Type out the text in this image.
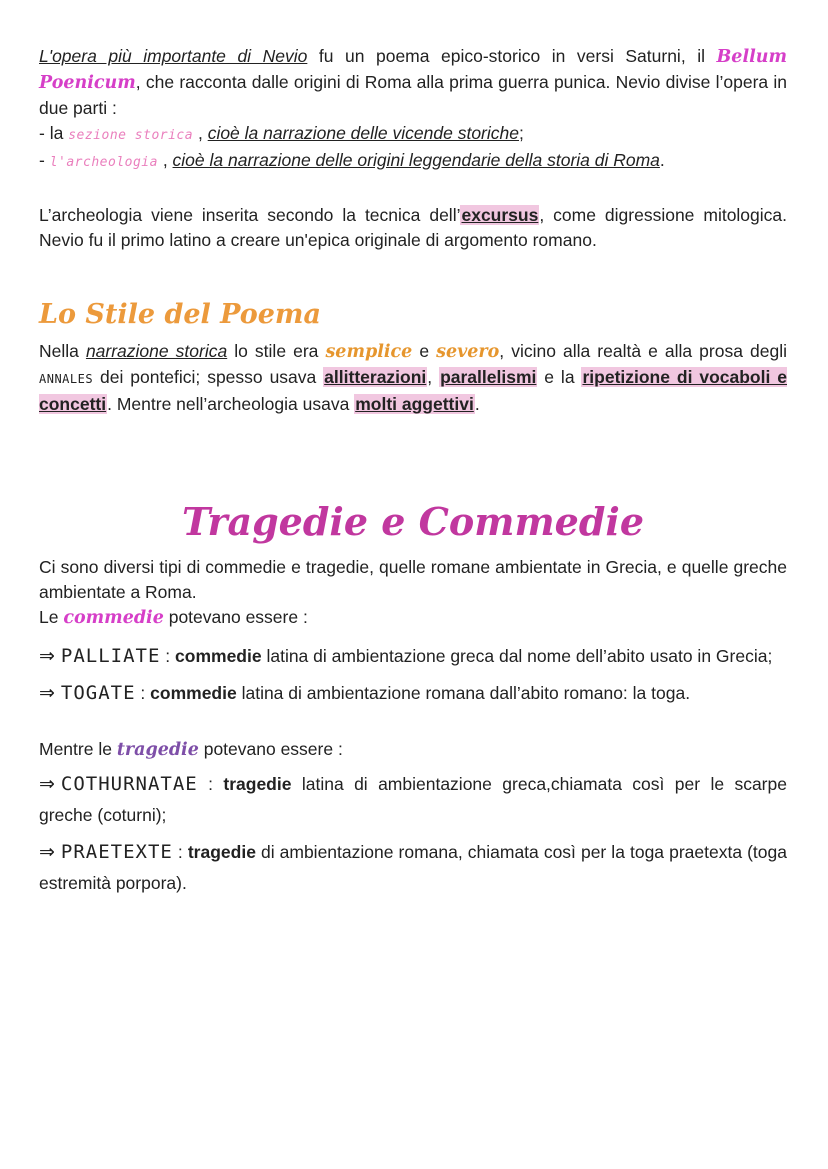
L'opera più importante di Nevio fu un poema epico-storico in versi Saturni, il Bellum Poenicum, che racconta dalle origini di Roma alla prima guerra punica. Nevio divise l’opera in due parti :

- la sezione storica , cioè la narrazione delle vicende storiche;

- l'archeologia , cioè la narrazione delle origini leggendarie della storia di Roma.

L’archeologia viene inserita secondo la tecnica dell’excursus, come digressione mitologica. Nevio fu il primo latino a creare un'epica originale di argomento romano.

Lo Stile del Poema

Nella narrazione storica lo stile era semplice e severo, vicino alla realtà e alla prosa degli ANNALES dei pontefici; spesso usava allitterazioni, parallelismi e la ripetizione di vocaboli e concetti. Mentre nell’archeologia usava molti aggettivi.

Tragedie e Commedie

Ci sono diversi tipi di commedie e tragedie, quelle romane ambientate in Grecia, e quelle greche ambientate a Roma.

Le commedie potevano essere :

⇒ PALLIATE : commedie latina di ambientazione greca dal nome dell’abito usato in Grecia;

⇒ TOGATE : commedie latina di ambientazione romana dall’abito romano: la toga.

Mentre le tragedie potevano essere :

⇒ COTHURNATAE : tragedie latina di ambientazione greca,chiamata così per le scarpe greche (coturni);

⇒ PRAETEXTE : tragedie di ambientazione romana, chiamata così per la toga praetexta (toga estremità porpora).
